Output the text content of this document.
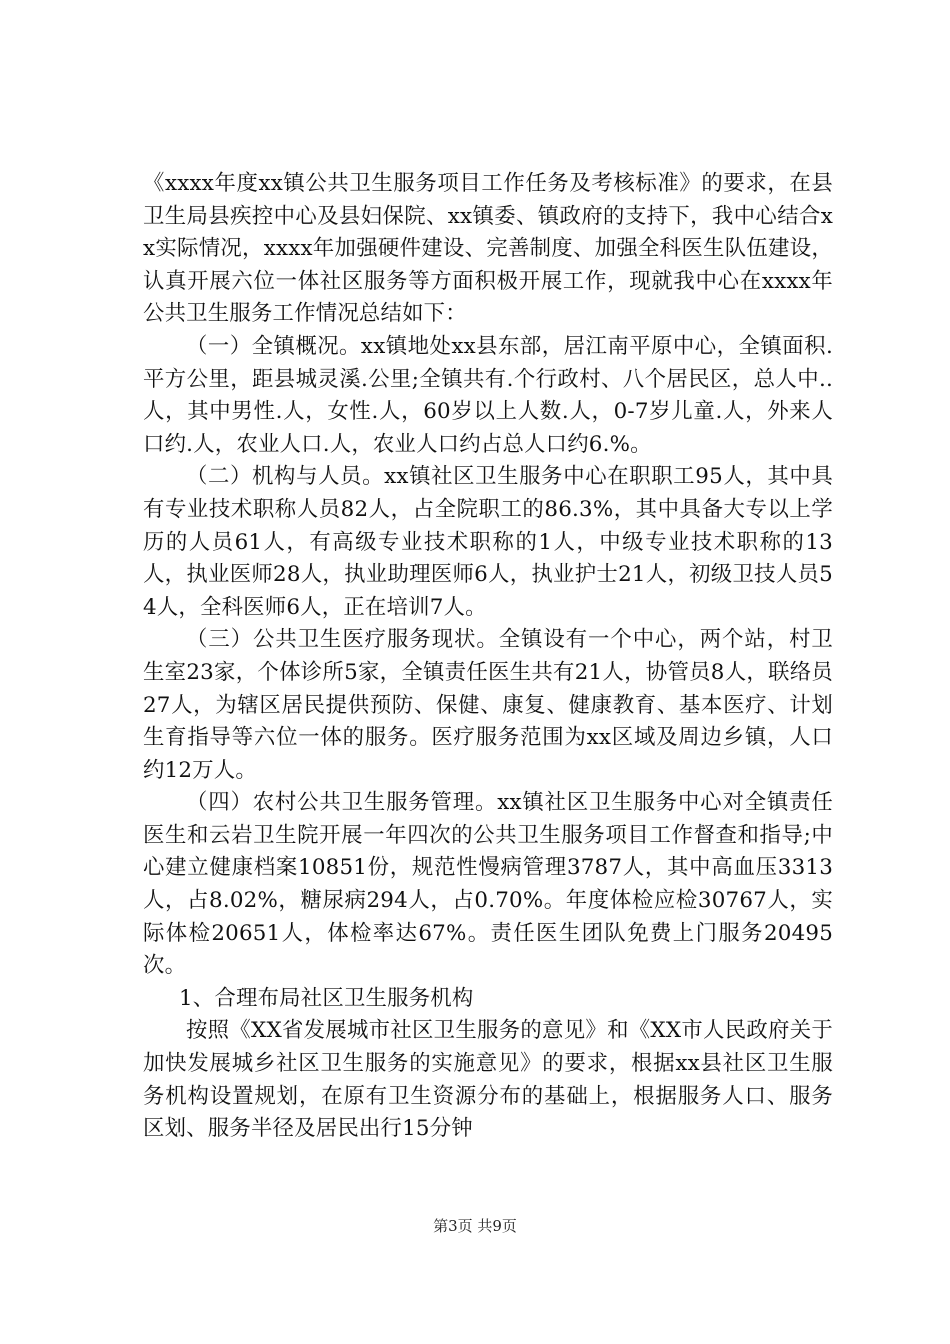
《xxxx年度xx镇公共卫生服务项目工作任务及考核标准》的要求，在县卫生局县疾控中心及县妇保院、xx镇委、镇政府的支持下，我中心结合xx实际情况，xxxx年加强硬件建设、完善制度、加强全科医生队伍建设，认真开展六位一体社区服务等方面积极开展工作，现就我中心在xxxx年公共卫生服务工作情况总结如下：

（一）全镇概况。xx镇地处xx县东部，居江南平原中心，全镇面积.平方公里，距县城灵溪.公里;全镇共有.个行政村、八个居民区，总人中..人，其中男性.人，女性.人，60岁以上人数.人，0-7岁儿童.人，外来人口约.人，农业人口.人，农业人口约占总人口约6.%。

（二）机构与人员。xx镇社区卫生服务中心在职职工95人，其中具有专业技术职称人员82人，占全院职工的86.3%，其中具备大专以上学历的人员61人，有高级专业技术职称的1人，中级专业技术职称的13人，执业医师28人，执业助理医师6人，执业护士21人，初级卫技人员54人，全科医师6人，正在培训7人。

（三）公共卫生医疗服务现状。全镇设有一个中心，两个站，村卫生室23家，个体诊所5家，全镇责任医生共有21人，协管员8人，联络员27人，为辖区居民提供预防、保健、康复、健康教育、基本医疗、计划生育指导等六位一体的服务。医疗服务范围为xx区域及周边乡镇，人口约12万人。

（四）农村公共卫生服务管理。xx镇社区卫生服务中心对全镇责任医生和云岩卫生院开展一年四次的公共卫生服务项目工作督查和指导;中心建立健康档案10851份，规范性慢病管理3787人，其中高血压3313人，占8.02%，糖尿病294人，占0.70%。年度体检应检30767人，实际体检20651人，体检率达67%。责任医生团队免费上门服务20495次。

1、合理布局社区卫生服务机构

按照《XX省发展城市社区卫生服务的意见》和《XX市人民政府关于加快发展城乡社区卫生服务的实施意见》的要求，根据xx县社区卫生服务机构设置规划，在原有卫生资源分布的基础上，根据服务人口、服务区划、服务半径及居民出行15分钟

第3页 共9页
